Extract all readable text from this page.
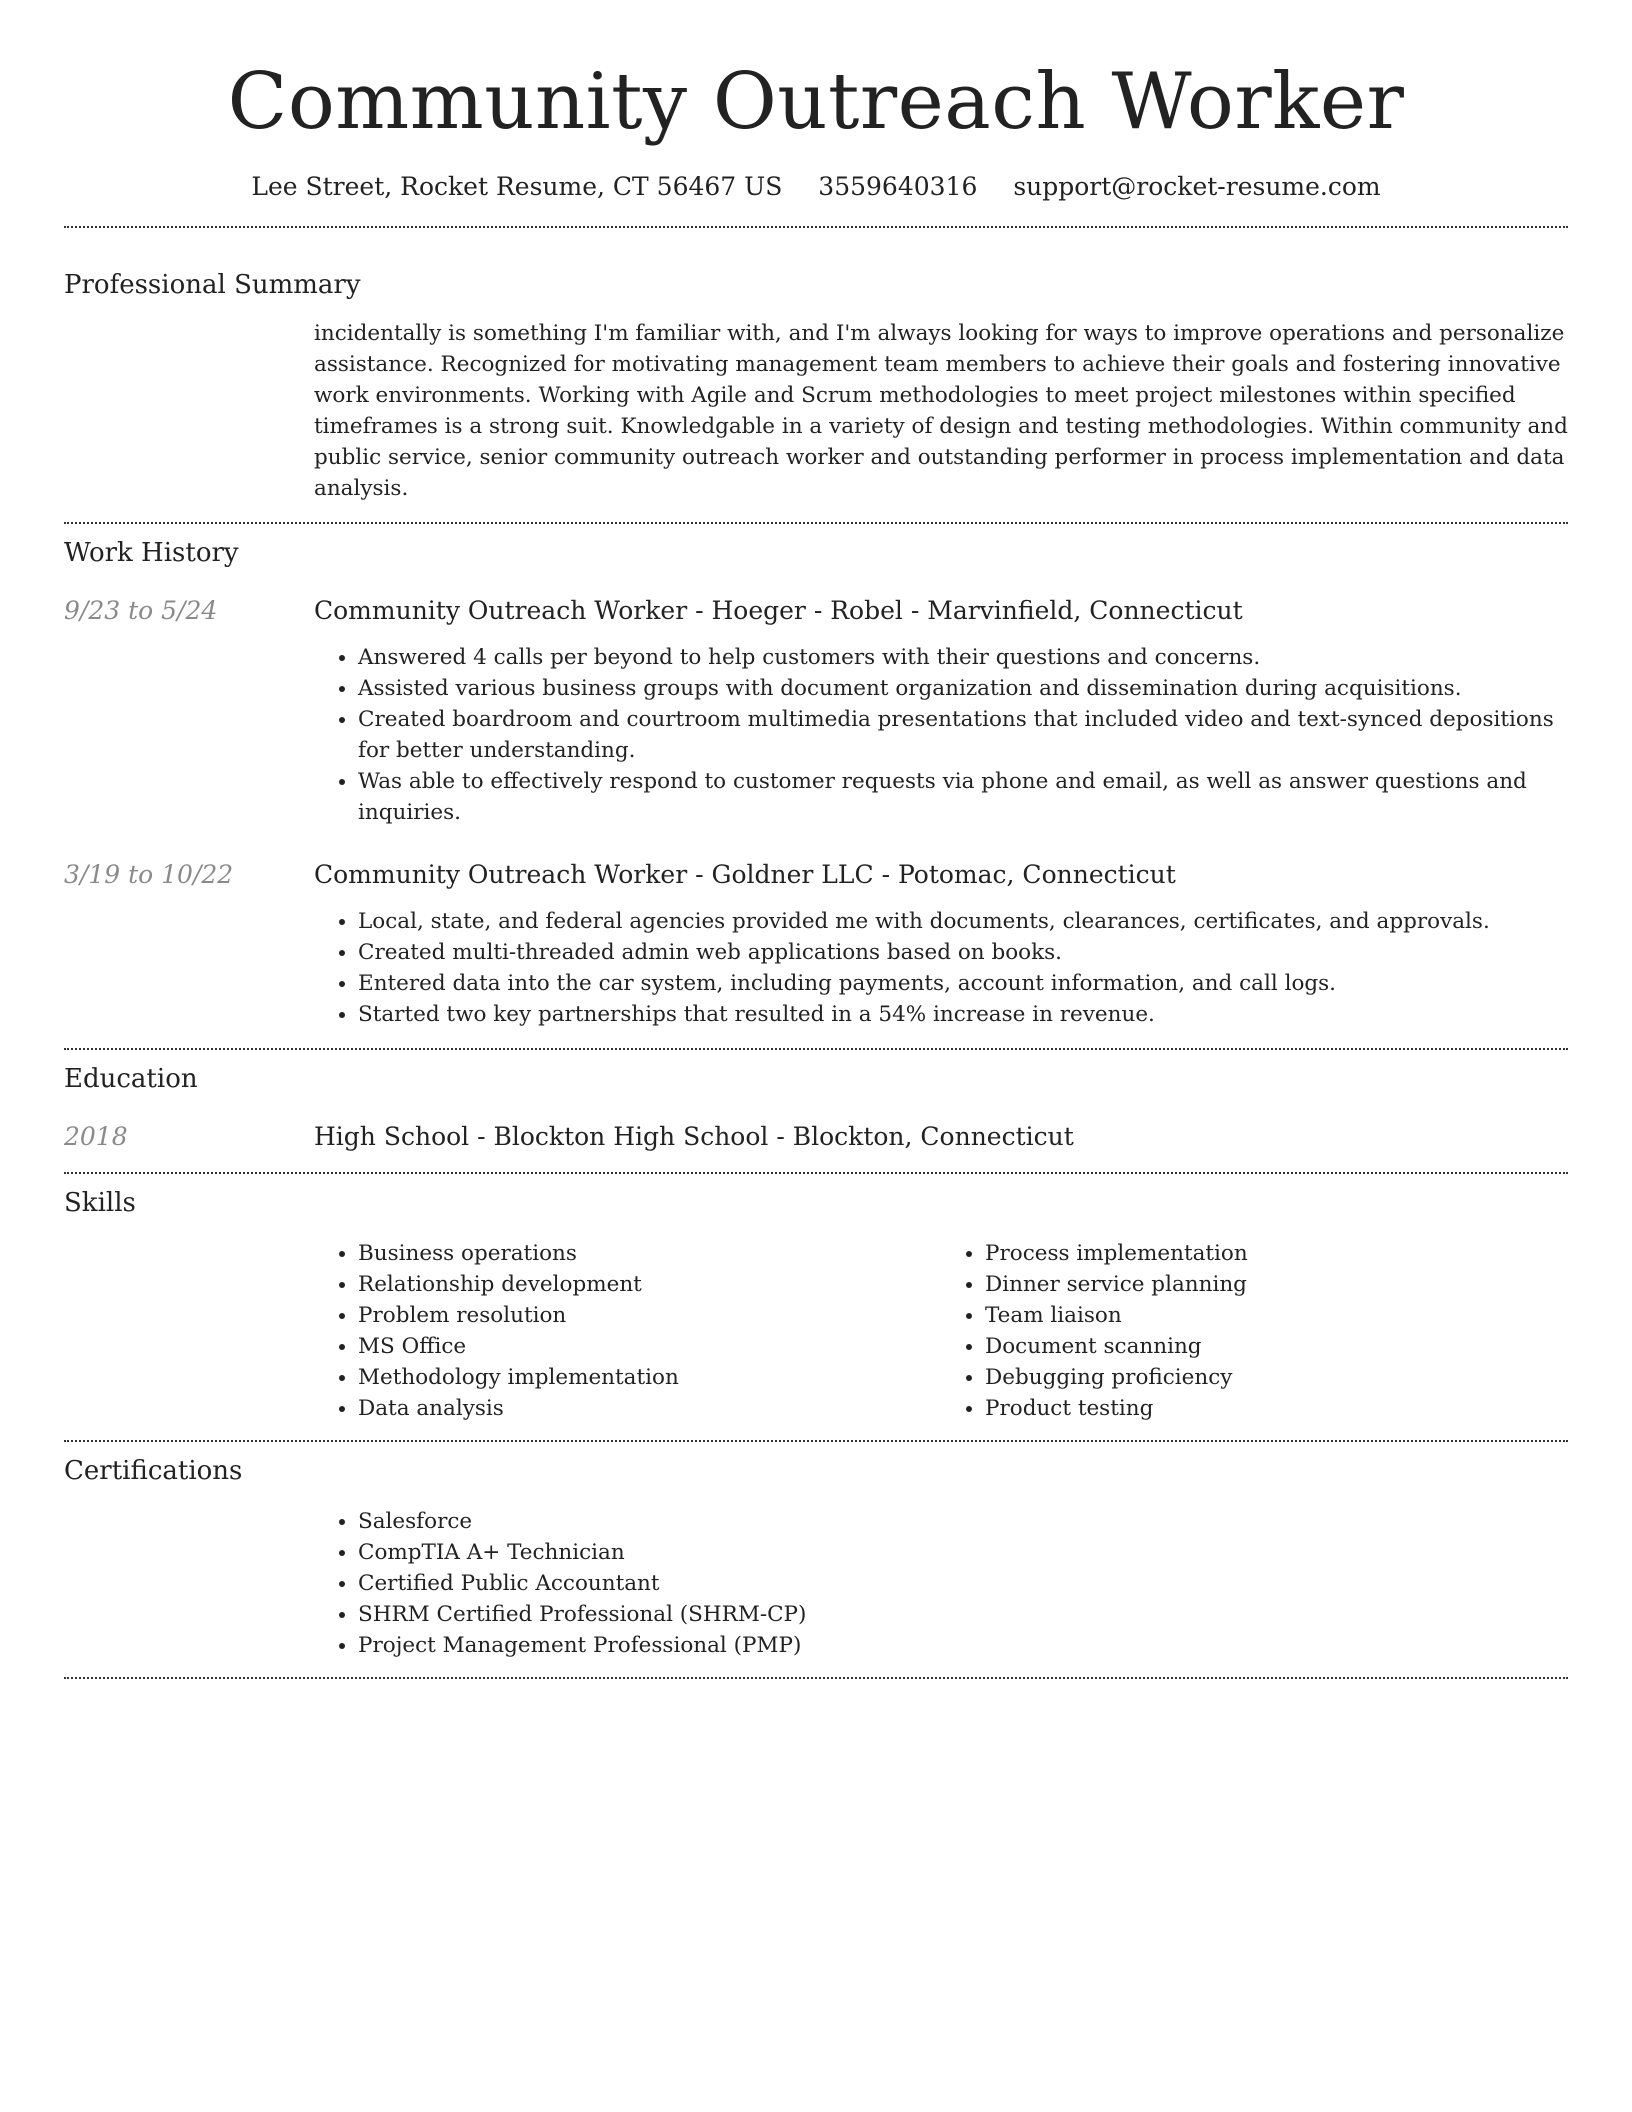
Community Outreach Worker
Lee Street, Rocket Resume, CT 56467 US 3559640316 support@rocket-resume.com
Professional Summary

incidentally is something I'm familiar with, and I'm always looking for ways to improve operations and personalize assistance. Recognized for motivating management team members to achieve their goals and fostering innovative work environments. Working with Agile and Scrum methodologies to meet project milestones within specified timeframes is a strong suit. Knowledgable in a variety of design and testing methodologies. Within community and public service, senior community outreach worker and outstanding performer in process implementation and data analysis.

Work History
9/23 to 5/24	Community Outreach Worker - Hoeger - Robel - Marvinfield, Connecticut
• Answered 4 calls per beyond to help customers with their questions and concerns.
• Assisted various business groups with document organization and dissemination during acquisitions.
• Created boardroom and courtroom multimedia presentations that included video and text-synced depositions for better understanding.
• Was able to effectively respond to customer requests via phone and email, as well as answer questions and inquiries.
3/19 to 10/22	Community Outreach Worker - Goldner LLC - Potomac, Connecticut
• Local, state, and federal agencies provided me with documents, clearances, certificates, and approvals.
• Created multi-threaded admin web applications based on books.
• Entered data into the car system, including payments, account information, and call logs.
• Started two key partnerships that resulted in a 54% increase in revenue.
Education
2018	High School - Blockton High School - Blockton, Connecticut
Skills
• Business operations
• Relationship development
• Problem resolution
• MS Office
• Methodology implementation
• Data analysis
• Process implementation
• Dinner service planning
• Team liaison
• Document scanning
• Debugging proficiency
• Product testing
Certifications
• Salesforce
• CompTIA A+ Technician
• Certified Public Accountant
• SHRM Certified Professional (SHRM-CP)
• Project Management Professional (PMP)
